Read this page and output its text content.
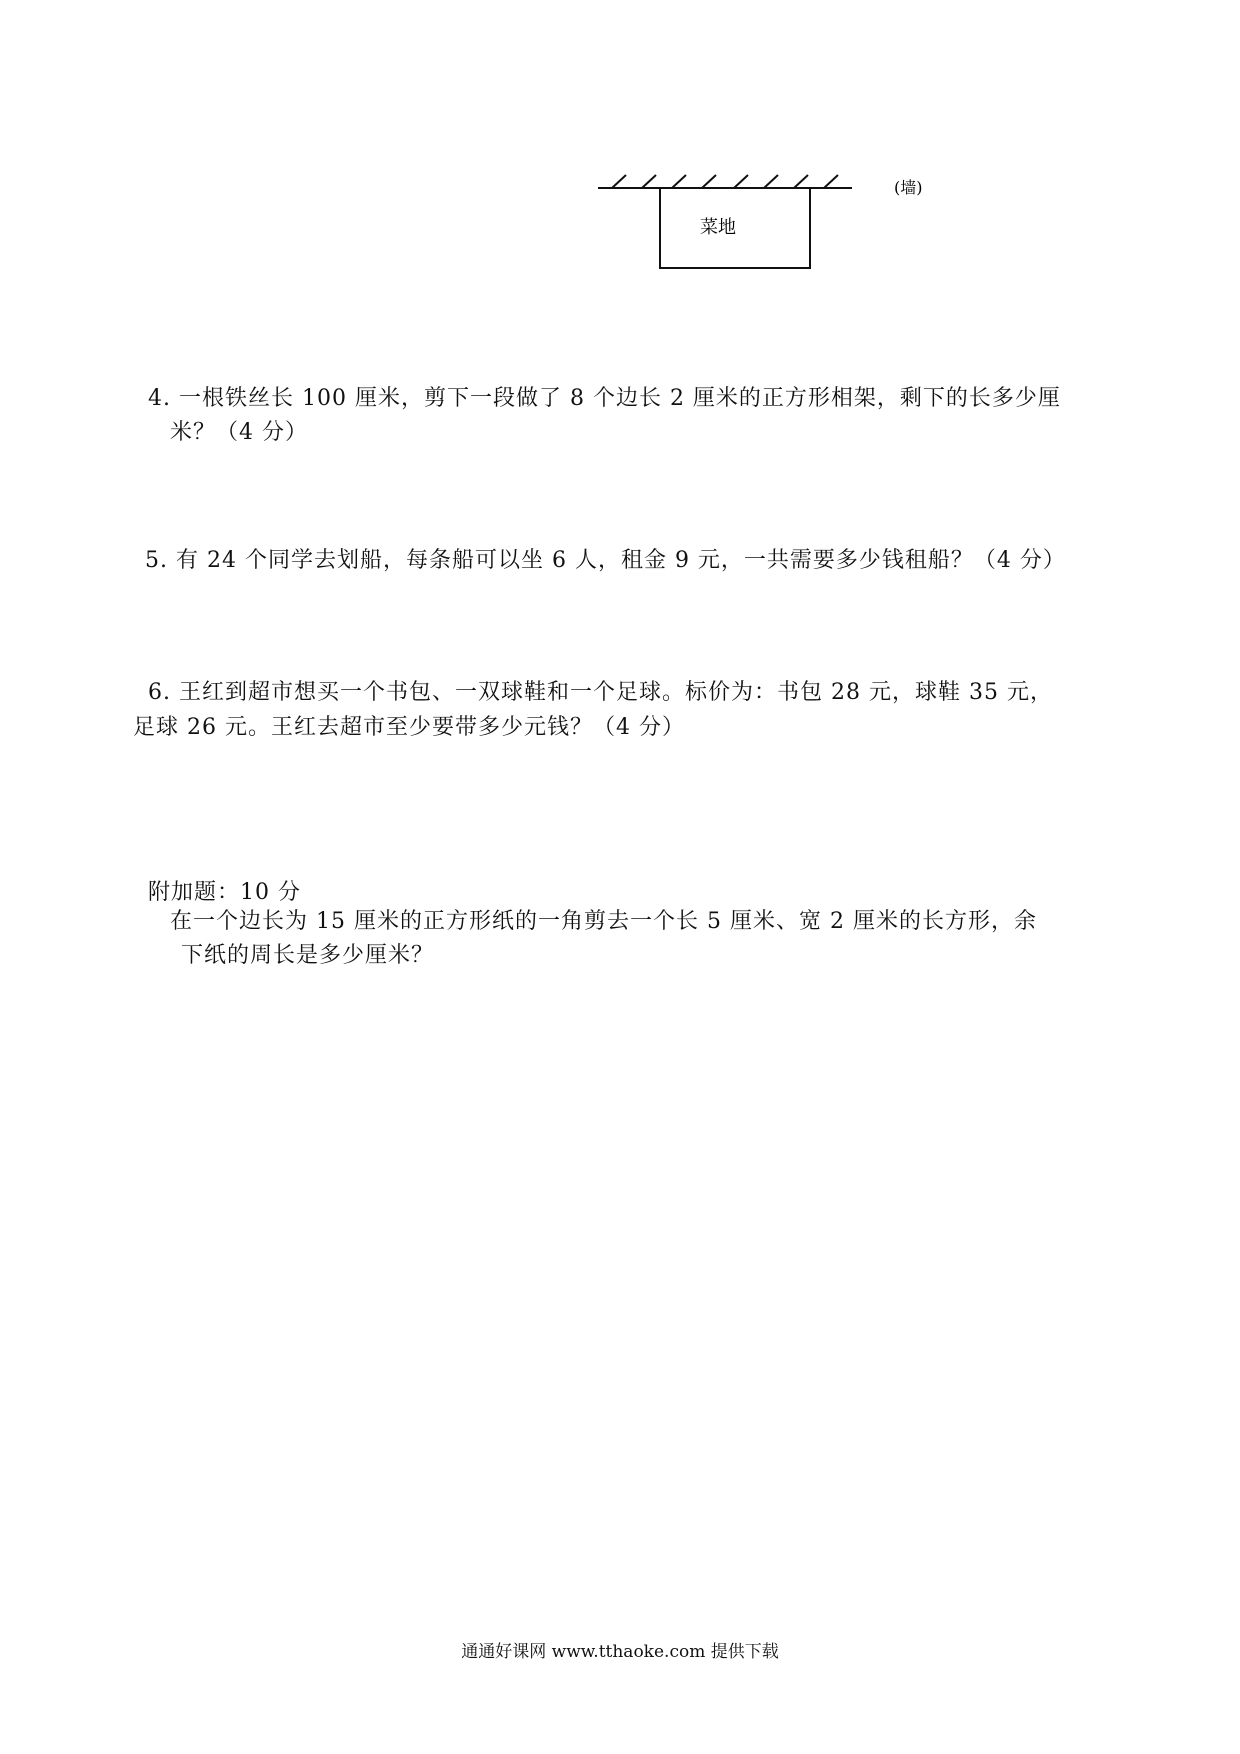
菜地
(墙)
4. 一根铁丝长 100 厘米，剪下一段做了 8 个边长 2 厘米的正方形相架，剩下的长多少厘
米？（4 分）
5. 有 24 个同学去划船，每条船可以坐 6 人，租金 9 元，一共需要多少钱租船？（4 分）
6. 王红到超市想买一个书包、一双球鞋和一个足球。标价为：书包 28 元，球鞋 35 元，
足球 26 元。王红去超市至少要带多少元钱？（4 分）
附加题：10 分
在一个边长为 15 厘米的正方形纸的一角剪去一个长 5 厘米、宽 2 厘米的长方形，余
下纸的周长是多少厘米？
通通好课网 www.tthaoke.com 提供下载
